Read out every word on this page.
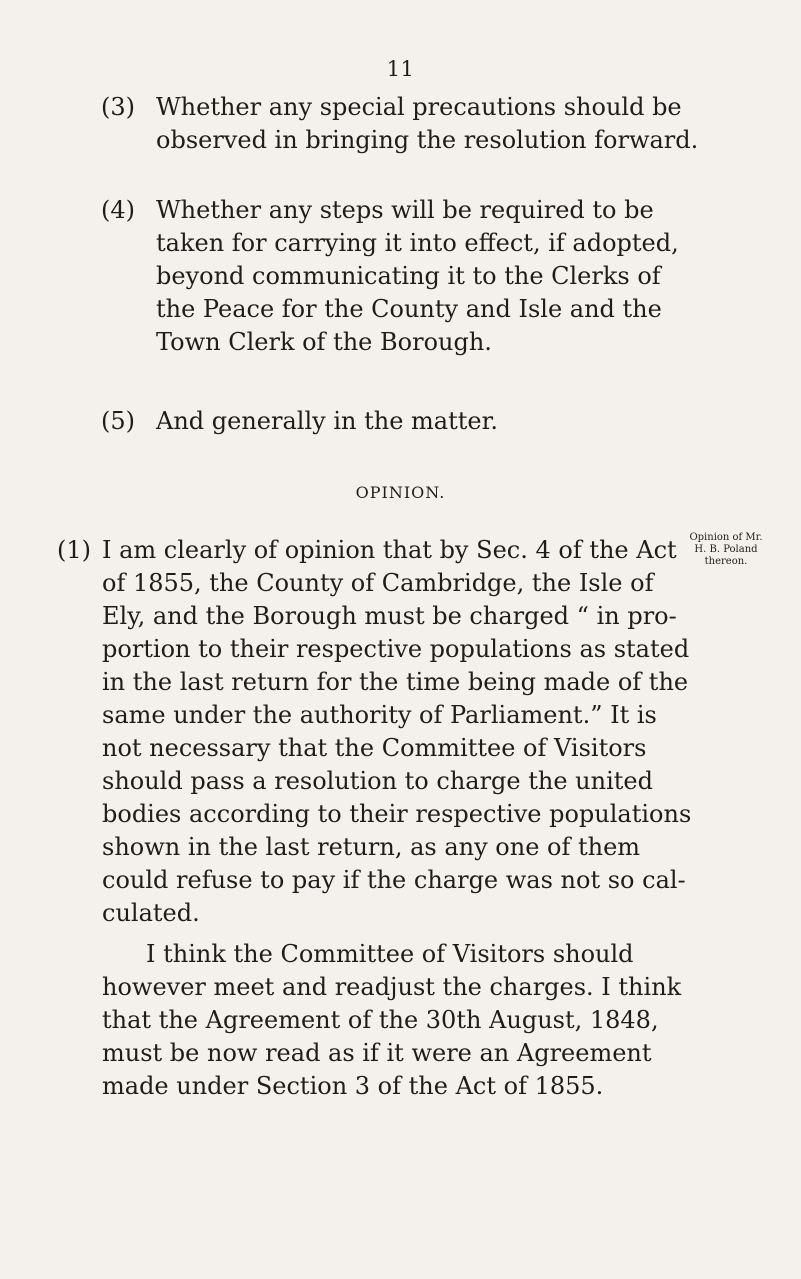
11
(3) Whether any special precautions should be
observed in bringing the resolution forward.
(4) Whether any steps will be required to be
taken for carrying it into effect, if adopted,
beyond communicating it to the Clerks of
the Peace for the County and Isle and the
Town Clerk of the Borough.
(5) And generally in the matter.
OPINION.
(1) I am clearly of opinion that by Sec. 4 of the Act
of 1855, the County of Cambridge, the Isle of
Ely, and the Borough must be charged “ in pro-
portion to their respective populations as stated
in the last return for the time being made of the
same under the authority of Parliament.” It is
not necessary that the Committee of Visitors
should pass a resolution to charge the united
bodies according to their respective populations
shown in the last return, as any one of them
could refuse to pay if the charge was not so cal-
culated.
Opinion of Mr.
H. B. Poland
thereon.
I think the Committee of Visitors should
however meet and readjust the charges. I think
that the Agreement of the 30th August, 1848,
must be now read as if it were an Agreement
made under Section 3 of the Act of 1855.
